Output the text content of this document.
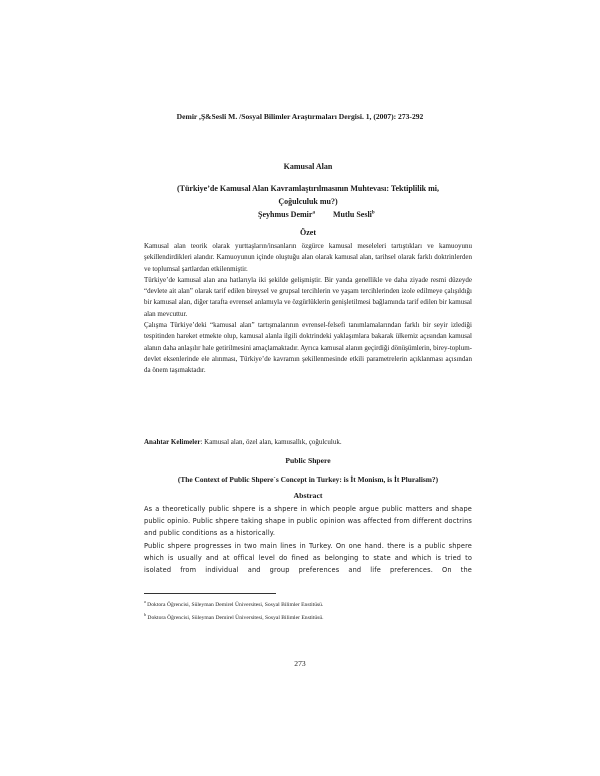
Demir ,Ş&Sesli M. /Sosyal Bilimler Araştırmaları Dergisi. 1, (2007): 273-292
Kamusal Alan
(Türkiye’de Kamusal Alan Kavramlaştırılmasının Muhtevası: Tektiplilik mi,
Çoğulculuk mu?)
Şeyhmus Demir$^a$ Mutlu Sesli$^b$
Özet

Kamusal alan teorik olarak yurttaşların/insanların özgürce kamusal meseleleri tartıştıkları ve kamuoyunu şekillendirdikleri alandır. Kamuoyunun içinde oluştuğu alan olarak kamusal alan, tarihsel olarak farklı doktrinlerden ve toplumsal şartlardan etkilenmiştir.

Türkiye’de kamusal alan ana hatlarıyla iki şekilde gelişmiştir. Bir yanda genellikle ve daha ziyade resmi düzeyde “devlete ait alan” olarak tarif edilen bireysel ve grupsal tercihlerin ve yaşam tercihlerinden izole edilmeye çalışıldığı bir kamusal alan, diğer tarafta evrensel anlamıyla ve özgürlüklerin genişletilmesi bağlamında tarif edilen bir kamusal alan mevcuttur.

Çalışma Türkiye’deki “kamusal alan” tartışmalarının evrensel-felsefi tanımlamalarından farklı bir seyir izlediği tespitinden hareket etmekte olup, kamusal alanla ilgili doktrindeki yaklaşımlara bakarak ülkemiz açısından kamusal alanın daha anlaşılır hale getirilmesini amaçlamaktadır. Ayrıca kamusal alanın geçirdiği dönüşümlerin, birey-toplum-devlet eksenlerinde ele alınması, Türkiye’de kavramın şekillenmesinde etkili parametrelerin açıklanması açısından da önem taşımaktadır.

Anahtar Kelimeler: Kamusal alan, özel alan, kamusallık, çoğulculuk.
Public Shpere
(The Context of Public Shpere`s Concept in Turkey: is İt Monism, is İt Pluralism?)
Abstract

As a theoretically public shpere is a shpere in which people argue public matters and shape public opinio. Public shpere taking shape in public opinion was affected from different doctrins and public conditions as a historically.

Public shpere progresses in two main lines in Turkey. On one hand. there is a public shpere which is usually and at offical level do fined as belonging to state and which is tried to isolated from individual and group preferences and life preferences. On the

$^a$ Doktora Öğrencisi, Süleyman Demirel Üniversitesi, Sosyal Bilimler Enstitüsü.
$^b$ Doktora Öğrencisi, Süleyman Demirel Üniversitesi, Sosyal Bilimler Enstitüsü.
273
